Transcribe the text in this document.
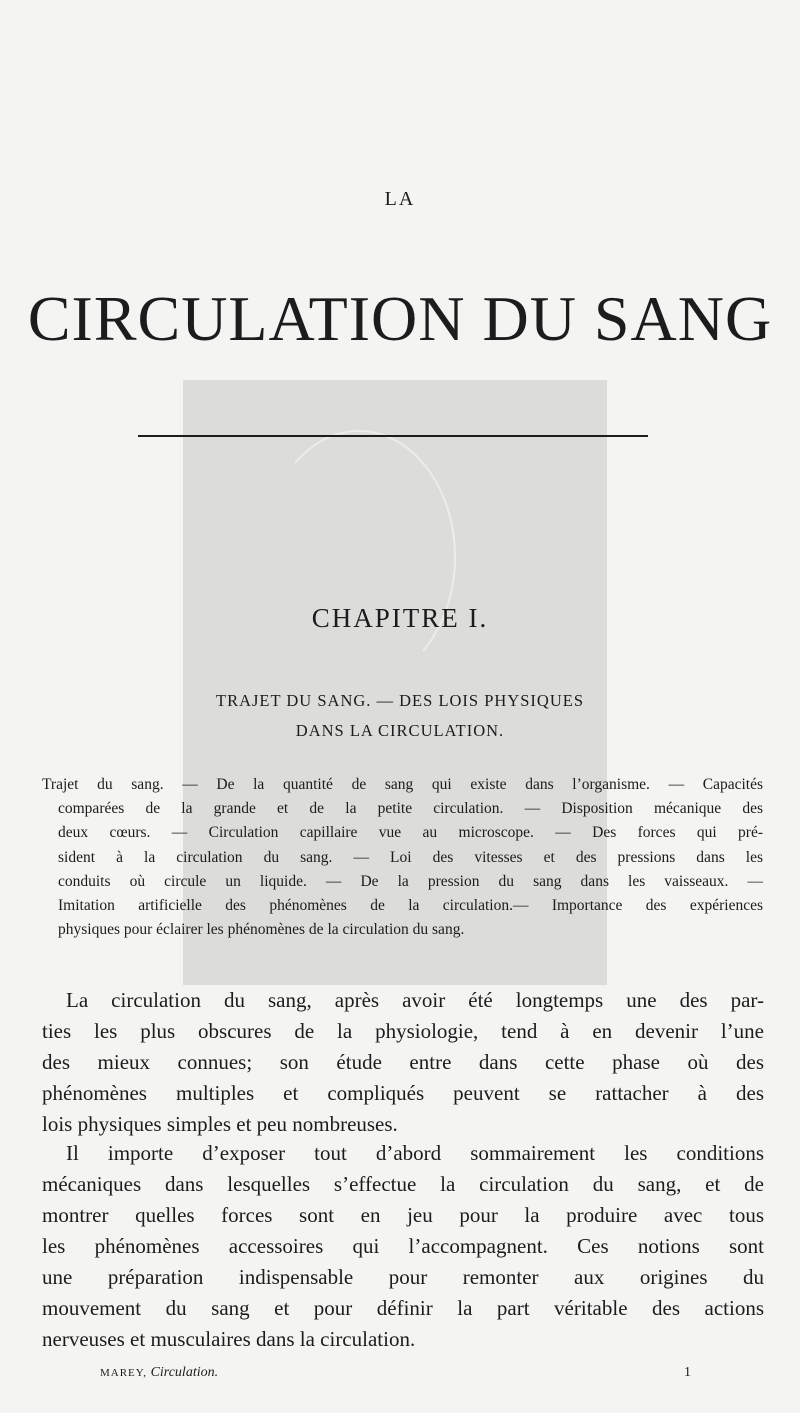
LA
CIRCULATION DU SANG
CHAPITRE I.
TRAJET DU SANG. — DES LOIS PHYSIQUES
DANS LA CIRCULATION.
Trajet du sang. — De la quantité de sang qui existe dans l’organisme. — Capacités
comparées de la grande et de la petite circulation. — Disposition mécanique des
deux cœurs. — Circulation capillaire vue au microscope. — Des forces qui pré-
sident à la circulation du sang. — Loi des vitesses et des pressions dans les
conduits où circule un liquide. — De la pression du sang dans les vaisseaux. —
Imitation artificielle des phénomènes de la circulation.— Importance des expériences
physiques pour éclairer les phénomènes de la circulation du sang.
La circulation du sang, après avoir été longtemps une des par-
ties les plus obscures de la physiologie, tend à en devenir l’une
des mieux connues; son étude entre dans cette phase où des
phénomènes multiples et compliqués peuvent se rattacher à des
lois physiques simples et peu nombreuses.
Il importe d’exposer tout d’abord sommairement les conditions
mécaniques dans lesquelles s’effectue la circulation du sang, et de
montrer quelles forces sont en jeu pour la produire avec tous
les phénomènes accessoires qui l’accompagnent. Ces notions sont
une préparation indispensable pour remonter aux origines du
mouvement du sang et pour définir la part véritable des actions
nerveuses et musculaires dans la circulation.
MAREY, Circulation.	1
